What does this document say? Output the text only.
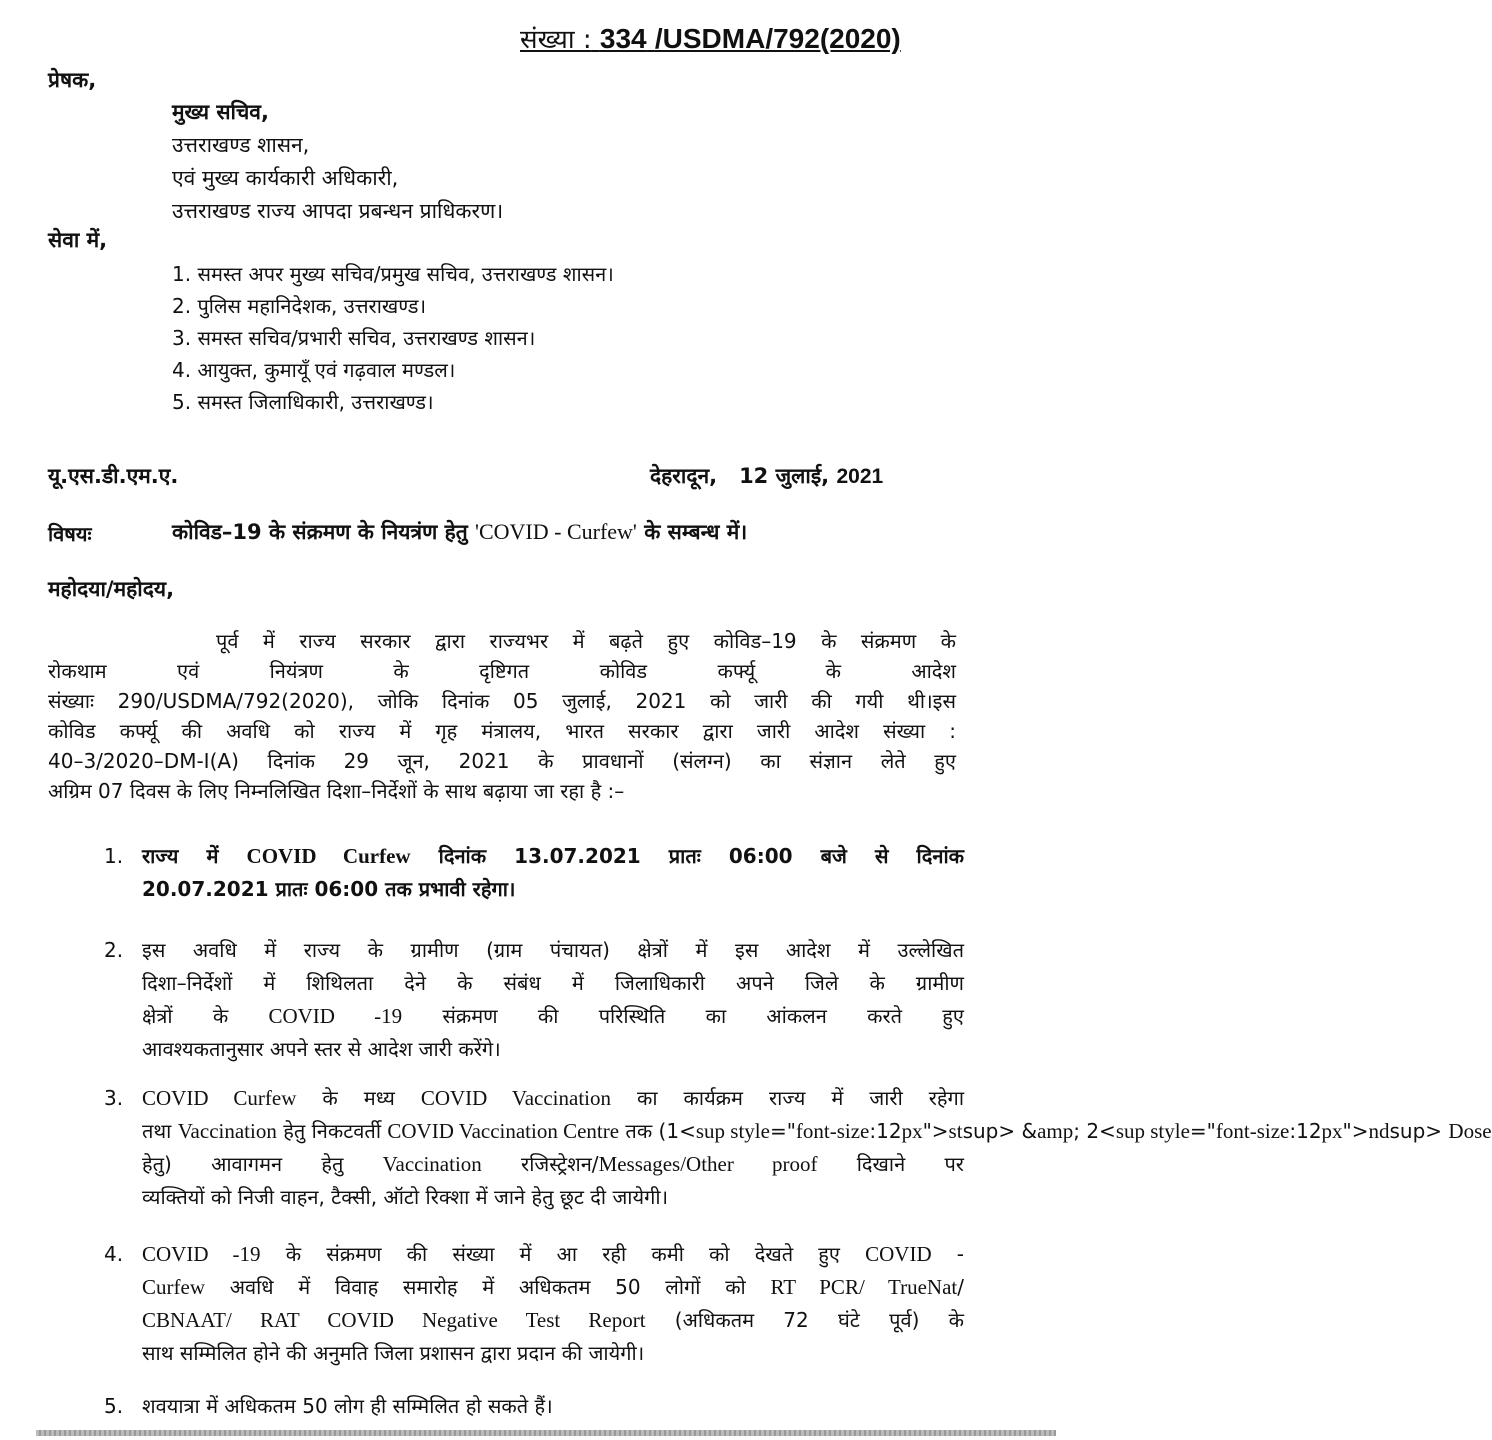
संख्या : 334 /USDMA/792(2020)
प्रेषक,
मुख्य सचिव,
उत्तराखण्ड शासन,
एवं मुख्य कार्यकारी अधिकारी,
उत्तराखण्ड राज्य आपदा प्रबन्धन प्राधिकरण।
सेवा में,
1. समस्त अपर मुख्य सचिव/प्रमुख सचिव, उत्तराखण्ड शासन।
2. पुलिस महानिदेशक, उत्तराखण्ड।
3. समस्त सचिव/प्रभारी सचिव, उत्तराखण्ड शासन।
4. आयुक्त, कुमायूँ एवं गढ़वाल मण्डल।
5. समस्त जिलाधिकारी, उत्तराखण्ड।
यू.एस.डी.एम.ए.	देहरादून, 12 जुलाई, 2021
विषयः	कोविड–19 के संक्रमण के नियत्रंण हेतु 'COVID - Curfew' के सम्बन्ध में।
महोदया/महोदय,
पूर्व में राज्य सरकार द्वारा राज्यभर में बढ़ते हुए कोविड–19 के संक्रमण के
रोकथाम एवं नियंत्रण के दृष्टिगत कोविड कर्फ्यू के आदेश
संख्याः 290/USDMA/792(2020), जोकि दिनांक 05 जुलाई, 2021 को जारी की गयी थी।इस
कोविड कर्फ्यू की अवधि को राज्य में गृह मंत्रालय, भारत सरकार द्वारा जारी आदेश संख्या :
40–3/2020–DM-I(A) दिनांक 29 जून, 2021 के प्रावधानों (संलग्न) का संज्ञान लेते हुए
अग्रिम 07 दिवस के लिए निम्नलिखित दिशा–निर्देशों के साथ बढ़ाया जा रहा है :–
1. राज्य में COVID Curfew दिनांक 13.07.2021 प्रातः 06:00 बजे से दिनांक
20.07.2021 प्रातः 06:00 तक प्रभावी रहेगा।
2. इस अवधि में राज्य के ग्रामीण (ग्राम पंचायत) क्षेत्रों में इस आदेश में उल्लेखित
दिशा–निर्देशों में शिथिलता देने के संबंध में जिलाधिकारी अपने जिले के ग्रामीण
क्षेत्रों के COVID -19 संक्रमण की परिस्थिति का आंकलन करते हुए
आवश्यकतानुसार अपने स्तर से आदेश जारी करेंगे।
3. COVID Curfew के मध्य COVID Vaccination का कार्यक्रम राज्य में जारी रहेगा
तथा Vaccination हेतु निकटवर्ती COVID Vaccination Centre तक (1<sup style="font-size:12px">stsup> &amp; 2<sup style="font-size:12px">ndsup> Dose
हेतु) आवागमन हेतु Vaccination रजिस्ट्रेशन/Messages/Other proof दिखाने पर
व्यक्तियों को निजी वाहन, टैक्सी, ऑटो रिक्शा में जाने हेतु छूट दी जायेगी।
4. COVID -19 के संक्रमण की संख्या में आ रही कमी को देखते हुए COVID -
Curfew अवधि में विवाह समारोह में अधिकतम 50 लोगों को RT PCR/ TrueNat/
CBNAAT/ RAT COVID Negative Test Report (अधिकतम 72 घंटे पूर्व) के
साथ सम्मिलित होने की अनुमति जिला प्रशासन द्वारा प्रदान की जायेगी।
5. शवयात्रा में अधिकतम 50 लोग ही सम्मिलित हो सकते हैं।
